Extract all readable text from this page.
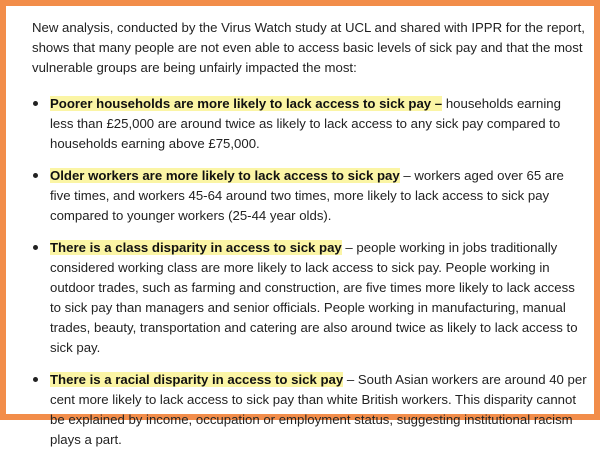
New analysis, conducted by the Virus Watch study at UCL and shared with IPPR for the report, shows that many people are not even able to access basic levels of sick pay and that the most vulnerable groups are being unfairly impacted the most:

Poorer households are more likely to lack access to sick pay – households earning less than £25,000 are around twice as likely to lack access to any sick pay compared to households earning above £75,000.
Older workers are more likely to lack access to sick pay – workers aged over 65 are five times, and workers 45-64 around two times, more likely to lack access to sick pay compared to younger workers (25-44 year olds).
There is a class disparity in access to sick pay – people working in jobs traditionally considered working class are more likely to lack access to sick pay. People working in outdoor trades, such as farming and construction, are five times more likely to lack access to sick pay than managers and senior officials. People working in manufacturing, manual trades, beauty, transportation and catering are also around twice as likely to lack access to sick pay.
There is a racial disparity in access to sick pay – South Asian workers are around 40 per cent more likely to lack access to sick pay than white British workers. This disparity cannot be explained by income, occupation or employment status, suggesting institutional racism plays a part.
